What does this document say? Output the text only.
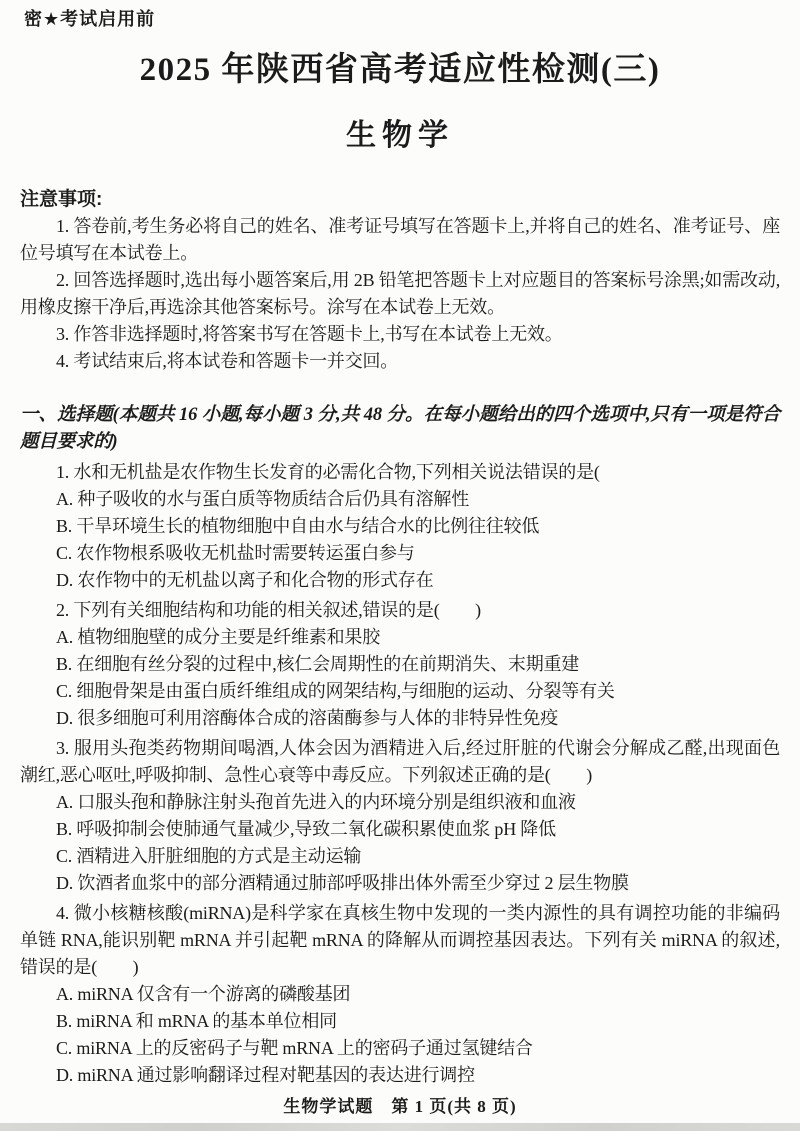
密★考试启用前
2025 年陕西省高考适应性检测(三)
生物学
注意事项:

1. 答卷前,考生务必将自己的姓名、准考证号填写在答题卡上,并将自己的姓名、准考证号、座位号填写在本试卷上。

2. 回答选择题时,选出每小题答案后,用 2B 铅笔把答题卡上对应题目的答案标号涂黑;如需改动,用橡皮擦干净后,再选涂其他答案标号。涂写在本试卷上无效。

3. 作答非选择题时,将答案书写在答题卡上,书写在本试卷上无效。

4. 考试结束后,将本试卷和答题卡一并交回。

一、选择题(本题共 16 小题,每小题 3 分,共 48 分。在每小题给出的四个选项中,只有一项是符合题目要求的)

1. 水和无机盐是农作物生长发育的必需化合物,下列相关说法错误的是(

A. 种子吸收的水与蛋白质等物质结合后仍具有溶解性

B. 干旱环境生长的植物细胞中自由水与结合水的比例往往较低

C. 农作物根系吸收无机盐时需要转运蛋白参与

D. 农作物中的无机盐以离子和化合物的形式存在

2. 下列有关细胞结构和功能的相关叙述,错误的是(　　)

A. 植物细胞壁的成分主要是纤维素和果胶

B. 在细胞有丝分裂的过程中,核仁会周期性的在前期消失、末期重建

C. 细胞骨架是由蛋白质纤维组成的网架结构,与细胞的运动、分裂等有关

D. 很多细胞可利用溶酶体合成的溶菌酶参与人体的非特异性免疫

3. 服用头孢类药物期间喝酒,人体会因为酒精进入后,经过肝脏的代谢会分解成乙醛,出现面色潮红,恶心呕吐,呼吸抑制、急性心衰等中毒反应。下列叙述正确的是(　　)

A. 口服头孢和静脉注射头孢首先进入的内环境分别是组织液和血液

B. 呼吸抑制会使肺通气量减少,导致二氧化碳积累使血浆 pH 降低

C. 酒精进入肝脏细胞的方式是主动运输

D. 饮酒者血浆中的部分酒精通过肺部呼吸排出体外需至少穿过 2 层生物膜

4. 微小核糖核酸(miRNA)是科学家在真核生物中发现的一类内源性的具有调控功能的非编码单链 RNA,能识别靶 mRNA 并引起靶 mRNA 的降解从而调控基因表达。下列有关 miRNA 的叙述,错误的是(　　)

A. miRNA 仅含有一个游离的磷酸基团

B. miRNA 和 mRNA 的基本单位相同

C. miRNA 上的反密码子与靶 mRNA 上的密码子通过氢键结合

D. miRNA 通过影响翻译过程对靶基因的表达进行调控

生物学试题　第 1 页(共 8 页)
